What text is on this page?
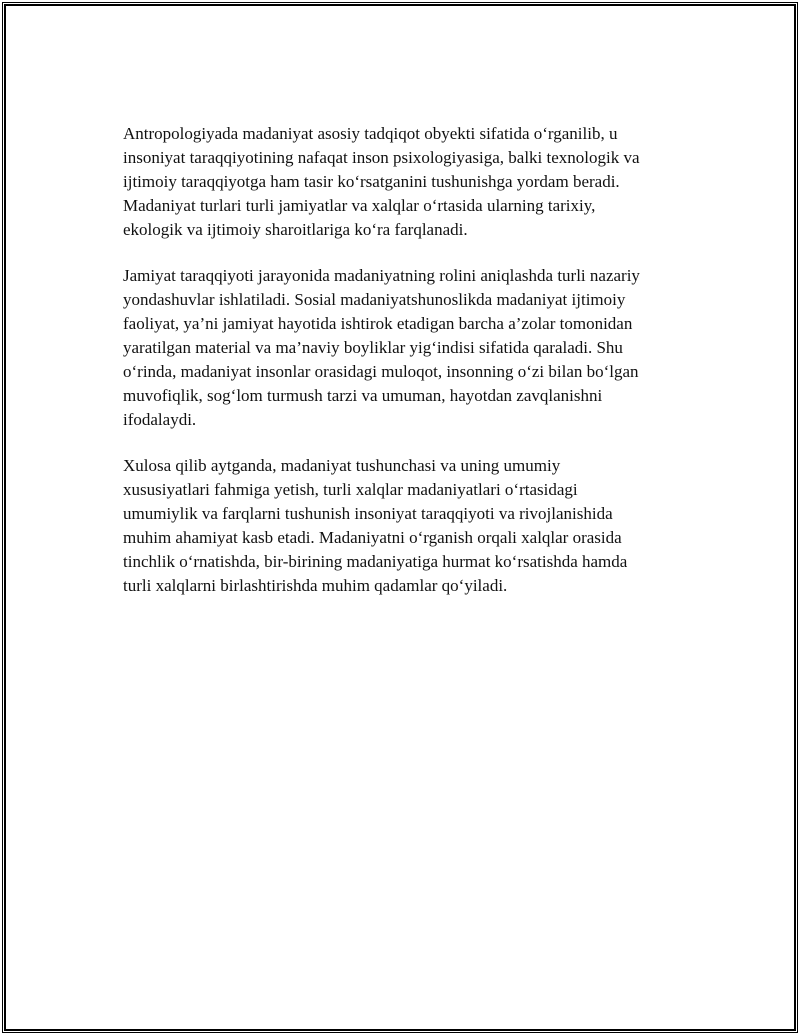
Antropologiyada madaniyat asosiy tadqiqot obyekti sifatida o‘rganilib, u
insoniyat taraqqiyotining nafaqat inson psixologiyasiga, balki texnologik va
ijtimoiy taraqqiyotga ham tasir ko‘rsatganini tushunishga yordam beradi.
Madaniyat turlari turli jamiyatlar va xalqlar o‘rtasida ularning tarixiy,
ekologik va ijtimoiy sharoitlariga ko‘ra farqlanadi.

Jamiyat taraqqiyoti jarayonida madaniyatning rolini aniqlashda turli nazariy
yondashuvlar ishlatiladi. Sosial madaniyatshunoslikda madaniyat ijtimoiy
faoliyat, ya’ni jamiyat hayotida ishtirok etadigan barcha a’zolar tomonidan
yaratilgan material va ma’naviy boyliklar yig‘indisi sifatida qaraladi. Shu
o‘rinda, madaniyat insonlar orasidagi muloqot, insonning o‘zi bilan bo‘lgan
muvofiqlik, sog‘lom turmush tarzi va umuman, hayotdan zavqlanishni
ifodalaydi.

Xulosa qilib aytganda, madaniyat tushunchasi va uning umumiy
xususiyatlari fahmiga yetish, turli xalqlar madaniyatlari o‘rtasidagi
umumiylik va farqlarni tushunish insoniyat taraqqiyoti va rivojlanishida
muhim ahamiyat kasb etadi. Madaniyatni o‘rganish orqali xalqlar orasida
tinchlik o‘rnatishda, bir-birining madaniyatiga hurmat ko‘rsatishda hamda
turli xalqlarni birlashtirishda muhim qadamlar qo‘yiladi.
